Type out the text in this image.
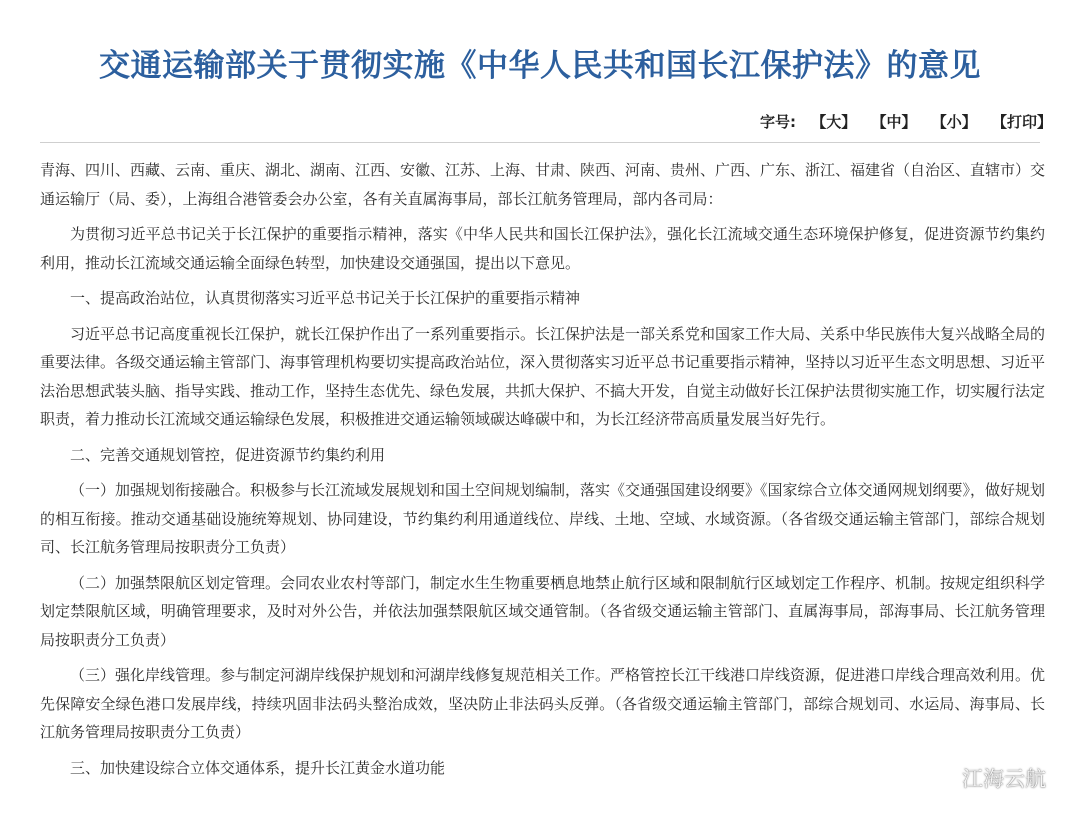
交通运输部关于贯彻实施《中华人民共和国长江保护法》的意见
字号: 【大】 【中】 【小】 【打印】

青海、四川、西藏、云南、重庆、湖北、湖南、江西、安徽、江苏、上海、甘肃、陕西、河南、贵州、广西、广东、浙江、福建省（自治区、直辖市）交通运输厅（局、委），上海组合港管委会办公室，各有关直属海事局，部长江航务管理局，部内各司局：

为贯彻习近平总书记关于长江保护的重要指示精神，落实《中华人民共和国长江保护法》，强化长江流域交通生态环境保护修复，促进资源节约集约利用，推动长江流域交通运输全面绿色转型，加快建设交通强国，提出以下意见。

一、提高政治站位，认真贯彻落实习近平总书记关于长江保护的重要指示精神

习近平总书记高度重视长江保护，就长江保护作出了一系列重要指示。长江保护法是一部关系党和国家工作大局、关系中华民族伟大复兴战略全局的重要法律。各级交通运输主管部门、海事管理机构要切实提高政治站位，深入贯彻落实习近平总书记重要指示精神，坚持以习近平生态文明思想、习近平法治思想武装头脑、指导实践、推动工作，坚持生态优先、绿色发展，共抓大保护、不搞大开发，自觉主动做好长江保护法贯彻实施工作，切实履行法定职责，着力推动长江流域交通运输绿色发展，积极推进交通运输领域碳达峰碳中和，为长江经济带高质量发展当好先行。

二、完善交通规划管控，促进资源节约集约利用

（一）加强规划衔接融合。积极参与长江流域发展规划和国土空间规划编制，落实《交通强国建设纲要》《国家综合立体交通网规划纲要》，做好规划的相互衔接。推动交通基础设施统筹规划、协同建设，节约集约利用通道线位、岸线、土地、空域、水域资源。（各省级交通运输主管部门，部综合规划司、长江航务管理局按职责分工负责）

（二）加强禁限航区划定管理。会同农业农村等部门，制定水生生物重要栖息地禁止航行区域和限制航行区域划定工作程序、机制。按规定组织科学划定禁限航区域，明确管理要求，及时对外公告，并依法加强禁限航区域交通管制。（各省级交通运输主管部门、直属海事局，部海事局、长江航务管理局按职责分工负责）

（三）强化岸线管理。参与制定河湖岸线保护规划和河湖岸线修复规范相关工作。严格管控长江干线港口岸线资源，促进港口岸线合理高效利用。优先保障安全绿色港口发展岸线，持续巩固非法码头整治成效，坚决防止非法码头反弹。（各省级交通运输主管部门，部综合规划司、水运局、海事局、长江航务管理局按职责分工负责）

三、加快建设综合立体交通体系，提升长江黄金水道功能	江海云航
